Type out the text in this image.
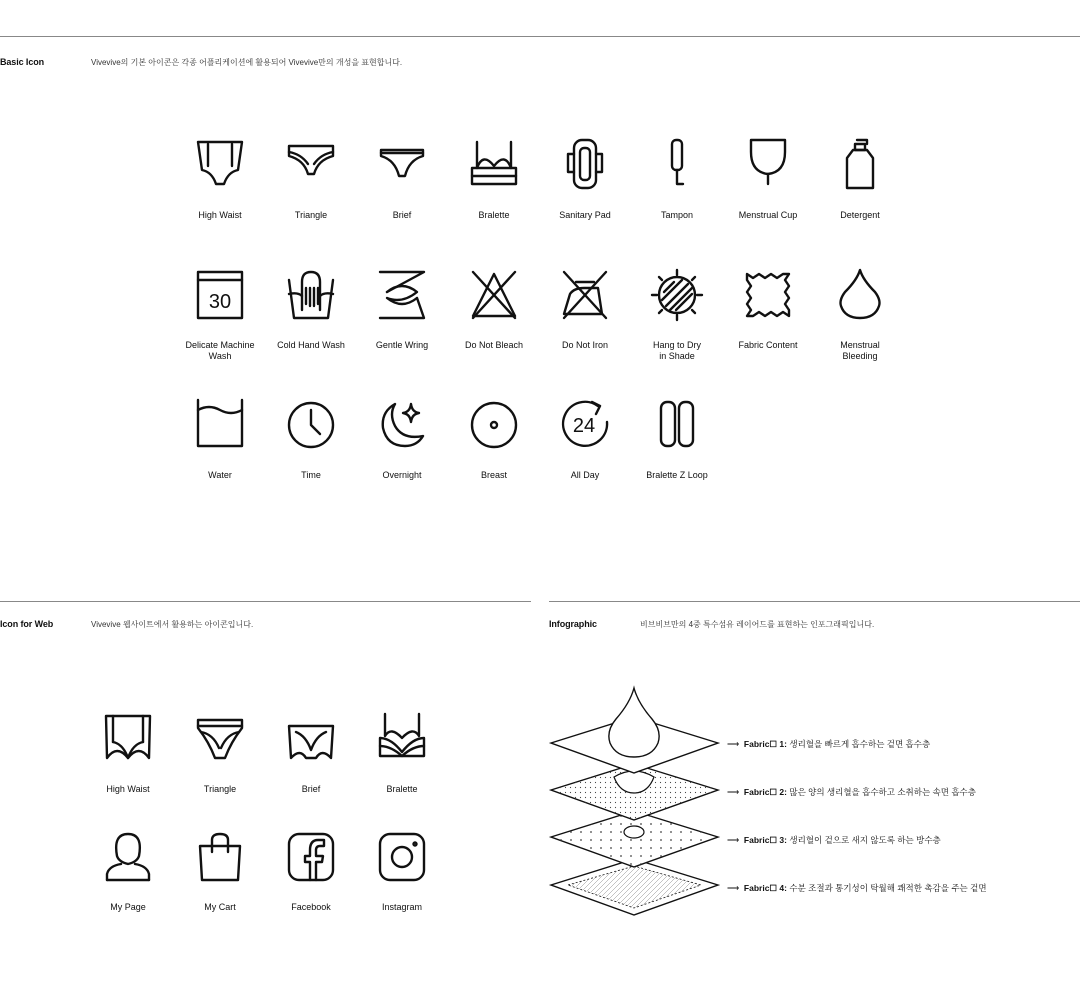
Basic Icon	Vivevive의 기본 아이콘은 각종 어플리케이션에 활용되어 Vivevive만의 개성을 표현합니다.
High Waist	Triangle	Brief	Bralette	Sanitary Pad	Tampon	Menstrual Cup	Detergent
30
Delicate Machine
Wash
Cold Hand Wash	Gentle Wring	Do Not Bleach	Do Not Iron	Hang to Dry
in Shade
Fabric Content	Menstrual
Bleeding
Water	Time	Overnight	Breast
24
All Day	Bralette Z Loop
Icon for Web	Vivevive 웹사이트에서 활용하는 아이콘입니다.
High Waist	Triangle	Brief	Bralette
My Page	My Cart	Facebook	Instagram
Infographic	비브비브만의 4중 특수섬유 레이어드를 표현하는 인포그래픽입니다.
⟶ Fabric☐ 1: 생리혈을 빠르게 흡수하는 겉면 흡수층
⟶ Fabric☐ 2: 많은 양의 생리혈을 흡수하고 소취하는 속면 흡수층
⟶ Fabric☐ 3: 생리혈이 겉으로 새지 않도록 하는 방수층
⟶ Fabric☐ 4: 수분 조절과 통기성이 탁월해 쾌적한 촉감을 주는 겉면
